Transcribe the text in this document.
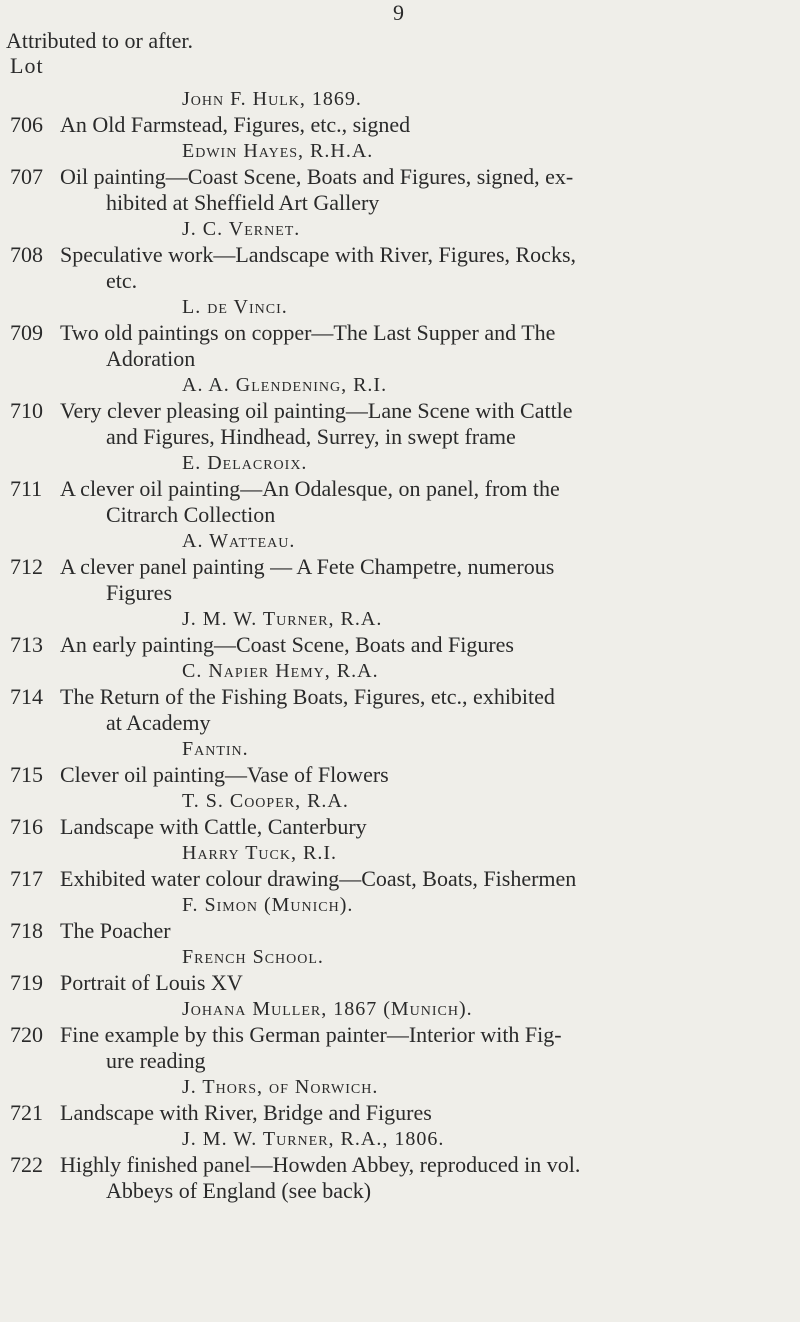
9
Attributed to or after.
Lot
John F. Hulk, 1869.
706 An Old Farmstead, Figures, etc., signed
Edwin Hayes, R.H.A.
707 Oil painting—Coast Scene, Boats and Figures, signed, ex-
hibited at Sheffield Art Gallery
J. C. Vernet.
708 Speculative work—Landscape with River, Figures, Rocks,
etc.
L. de Vinci.
709 Two old paintings on copper—The Last Supper and The
Adoration
A. A. Glendening, R.I.
710 Very clever pleasing oil painting—Lane Scene with Cattle
and Figures, Hindhead, Surrey, in swept frame
E. Delacroix.
711 A clever oil painting—An Odalesque, on panel, from the
Citrarch Collection
A. Watteau.
712 A clever panel painting — A Fete Champetre, numerous
Figures
J. M. W. Turner, R.A.
713 An early painting—Coast Scene, Boats and Figures
C. Napier Hemy, R.A.
714 The Return of the Fishing Boats, Figures, etc., exhibited
at Academy
Fantin.
715 Clever oil painting—Vase of Flowers
T. S. Cooper, R.A.
716 Landscape with Cattle, Canterbury
Harry Tuck, R.I.
717 Exhibited water colour drawing—Coast, Boats, Fishermen
F. Simon (Munich).
718 The Poacher
French School.
719 Portrait of Louis XV
Johana Muller, 1867 (Munich).
720 Fine example by this German painter—Interior with Fig-
ure reading
J. Thors, of Norwich.
721 Landscape with River, Bridge and Figures
J. M. W. Turner, R.A., 1806.
722 Highly finished panel—Howden Abbey, reproduced in vol.
Abbeys of England (see back)
